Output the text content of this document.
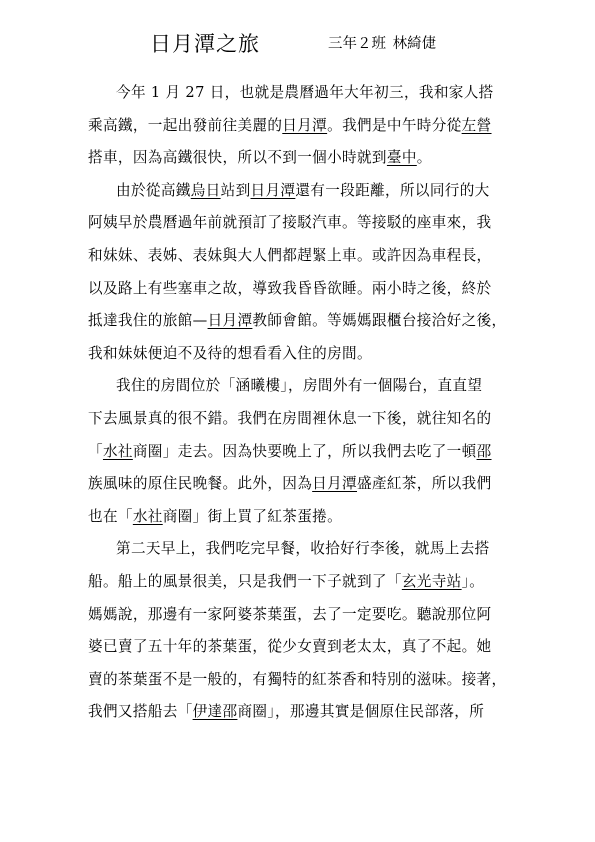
日月潭之旅	三年２班 林綺倢
今年 1 月 27 日，也就是農曆過年大年初三，我和家人搭
乘高鐵，一起出發前往美麗的日月潭。我們是中午時分從左營
搭車，因為高鐵很快，所以不到一個小時就到臺中。
由於從高鐵烏日站到日月潭還有一段距離，所以同行的大
阿姨早於農曆過年前就預訂了接駁汽車。等接駁的座車來，我
和妹妹、表姊、表妹與大人們都趕緊上車。或許因為車程長，
以及路上有些塞車之故，導致我昏昏欲睡。兩小時之後，終於
抵達我住的旅館—日月潭教師會館。等媽媽跟櫃台接洽好之後，
我和妹妹便迫不及待的想看看入住的房間。
我住的房間位於「涵曦樓」，房間外有一個陽台，直直望
下去風景真的很不錯。我們在房間裡休息一下後，就往知名的
「水社商圈」走去。因為快要晚上了，所以我們去吃了一頓邵
族風味的原住民晚餐。此外，因為日月潭盛產紅茶，所以我們
也在「水社商圈」街上買了紅茶蛋捲。
第二天早上，我們吃完早餐，收拾好行李後，就馬上去搭
船。船上的風景很美，只是我們一下子就到了「玄光寺站」。
媽媽說，那邊有一家阿婆茶葉蛋，去了一定要吃。聽說那位阿
婆已賣了五十年的茶葉蛋，從少女賣到老太太，真了不起。她
賣的茶葉蛋不是一般的，有獨特的紅茶香和特別的滋味。接著，
我們又搭船去「伊達邵商圈」，那邊其實是個原住民部落，所
